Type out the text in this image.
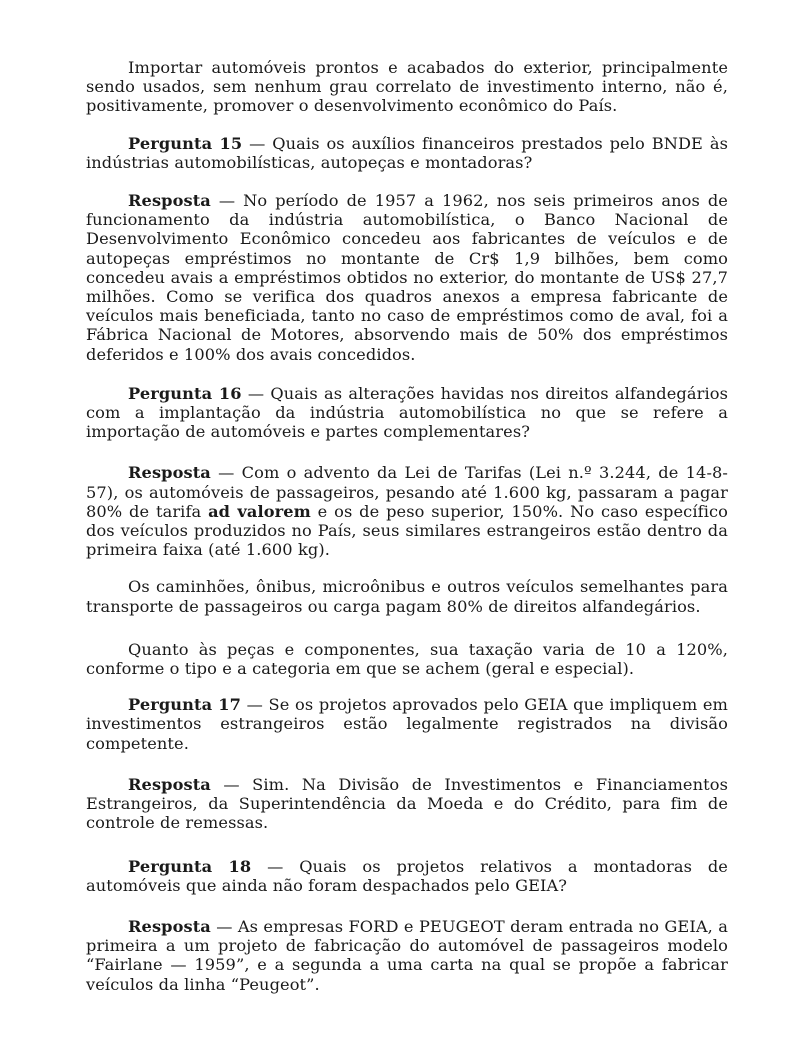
Importar automóveis prontos e acabados do exterior, principalmente sendo usados, sem nenhum grau correlato de investimento interno, não é, positivamente, promover o desenvolvimento econômico do País.

Pergunta 15 — Quais os auxílios financeiros prestados pelo BNDE às indústrias automobilísticas, autopeças e montadoras?

Resposta — No período de 1957 a 1962, nos seis primeiros anos de funcionamento da indústria automobilística, o Banco Nacional de Desenvolvimento Econômico concedeu aos fabricantes de veículos e de autopeças empréstimos no montante de Cr$ 1,9 bilhões, bem como concedeu avais a empréstimos obtidos no exterior, do montante de US$ 27,7 milhões. Como se verifica dos quadros anexos a empresa fabricante de veículos mais beneficiada, tanto no caso de empréstimos como de aval, foi a Fábrica Nacional de Motores, absorvendo mais de 50% dos empréstimos deferidos e 100% dos avais concedidos.

Pergunta 16 — Quais as alterações havidas nos direitos alfandegários com a implantação da indústria automobilística no que se refere a importação de automóveis e partes complementares?

Resposta — Com o advento da Lei de Tarifas (Lei n.º 3.244, de 14-8-57), os automóveis de passageiros, pesando até 1.600 kg, passaram a pagar 80% de tarifa ad valorem e os de peso superior, 150%. No caso específico dos veículos produzidos no País, seus similares estrangeiros estão dentro da primeira faixa (até 1.600 kg).

Os caminhões, ônibus, microônibus e outros veículos semelhantes para transporte de passageiros ou carga pagam 80% de direitos alfandegários.

Quanto às peças e componentes, sua taxação varia de 10 a 120%, conforme o tipo e a categoria em que se achem (geral e especial).

Pergunta 17 — Se os projetos aprovados pelo GEIA que impliquem em investimentos estrangeiros estão legalmente registrados na divisão competente.

Resposta — Sim. Na Divisão de Investimentos e Financiamentos Estrangeiros, da Superintendência da Moeda e do Crédito, para fim de controle de remessas.

Pergunta 18 — Quais os projetos relativos a montadoras de automóveis que ainda não foram despachados pelo GEIA?

Resposta — As empresas FORD e PEUGEOT deram entrada no GEIA, a primeira a um projeto de fabricação do automóvel de passageiros modelo “Fairlane — 1959”, e a segunda a uma carta na qual se propõe a fabricar veículos da linha “Peugeot”.
